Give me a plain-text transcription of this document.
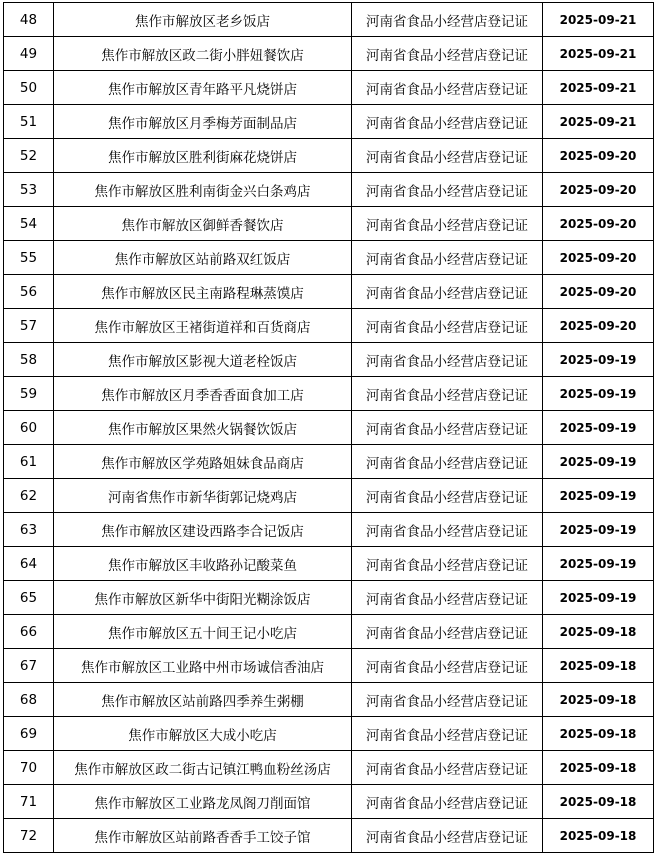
48	焦作市解放区老乡饭店	河南省食品小经营店登记证	2025-09-21
49	焦作市解放区政二街小胖妞餐饮店	河南省食品小经营店登记证	2025-09-21
50	焦作市解放区青年路平凡烧饼店	河南省食品小经营店登记证	2025-09-21
51	焦作市解放区月季梅芳面制品店	河南省食品小经营店登记证	2025-09-21
52	焦作市解放区胜利街麻花烧饼店	河南省食品小经营店登记证	2025-09-20
53	焦作市解放区胜利南街金兴白条鸡店	河南省食品小经营店登记证	2025-09-20
54	焦作市解放区御鲜香餐饮店	河南省食品小经营店登记证	2025-09-20
55	焦作市解放区站前路双红饭店	河南省食品小经营店登记证	2025-09-20
56	焦作市解放区民主南路程琳蒸馍店	河南省食品小经营店登记证	2025-09-20
57	焦作市解放区王褚街道祥和百货商店	河南省食品小经营店登记证	2025-09-20
58	焦作市解放区影视大道老栓饭店	河南省食品小经营店登记证	2025-09-19
59	焦作市解放区月季香香面食加工店	河南省食品小经营店登记证	2025-09-19
60	焦作市解放区果然火锅餐饮饭店	河南省食品小经营店登记证	2025-09-19
61	焦作市解放区学苑路姐妹食品商店	河南省食品小经营店登记证	2025-09-19
62	河南省焦作市新华街郭记烧鸡店	河南省食品小经营店登记证	2025-09-19
63	焦作市解放区建设西路李合记饭店	河南省食品小经营店登记证	2025-09-19
64	焦作市解放区丰收路孙记酸菜鱼	河南省食品小经营店登记证	2025-09-19
65	焦作市解放区新华中街阳光糊涂饭店	河南省食品小经营店登记证	2025-09-19
66	焦作市解放区五十间王记小吃店	河南省食品小经营店登记证	2025-09-18
67	焦作市解放区工业路中州市场诚信香油店	河南省食品小经营店登记证	2025-09-18
68	焦作市解放区站前路四季养生粥棚	河南省食品小经营店登记证	2025-09-18
69	焦作市解放区大成小吃店	河南省食品小经营店登记证	2025-09-18
70	焦作市解放区政二街古记镇江鸭血粉丝汤店	河南省食品小经营店登记证	2025-09-18
71	焦作市解放区工业路龙凤阁刀削面馆	河南省食品小经营店登记证	2025-09-18
72	焦作市解放区站前路香香手工饺子馆	河南省食品小经营店登记证	2025-09-18
